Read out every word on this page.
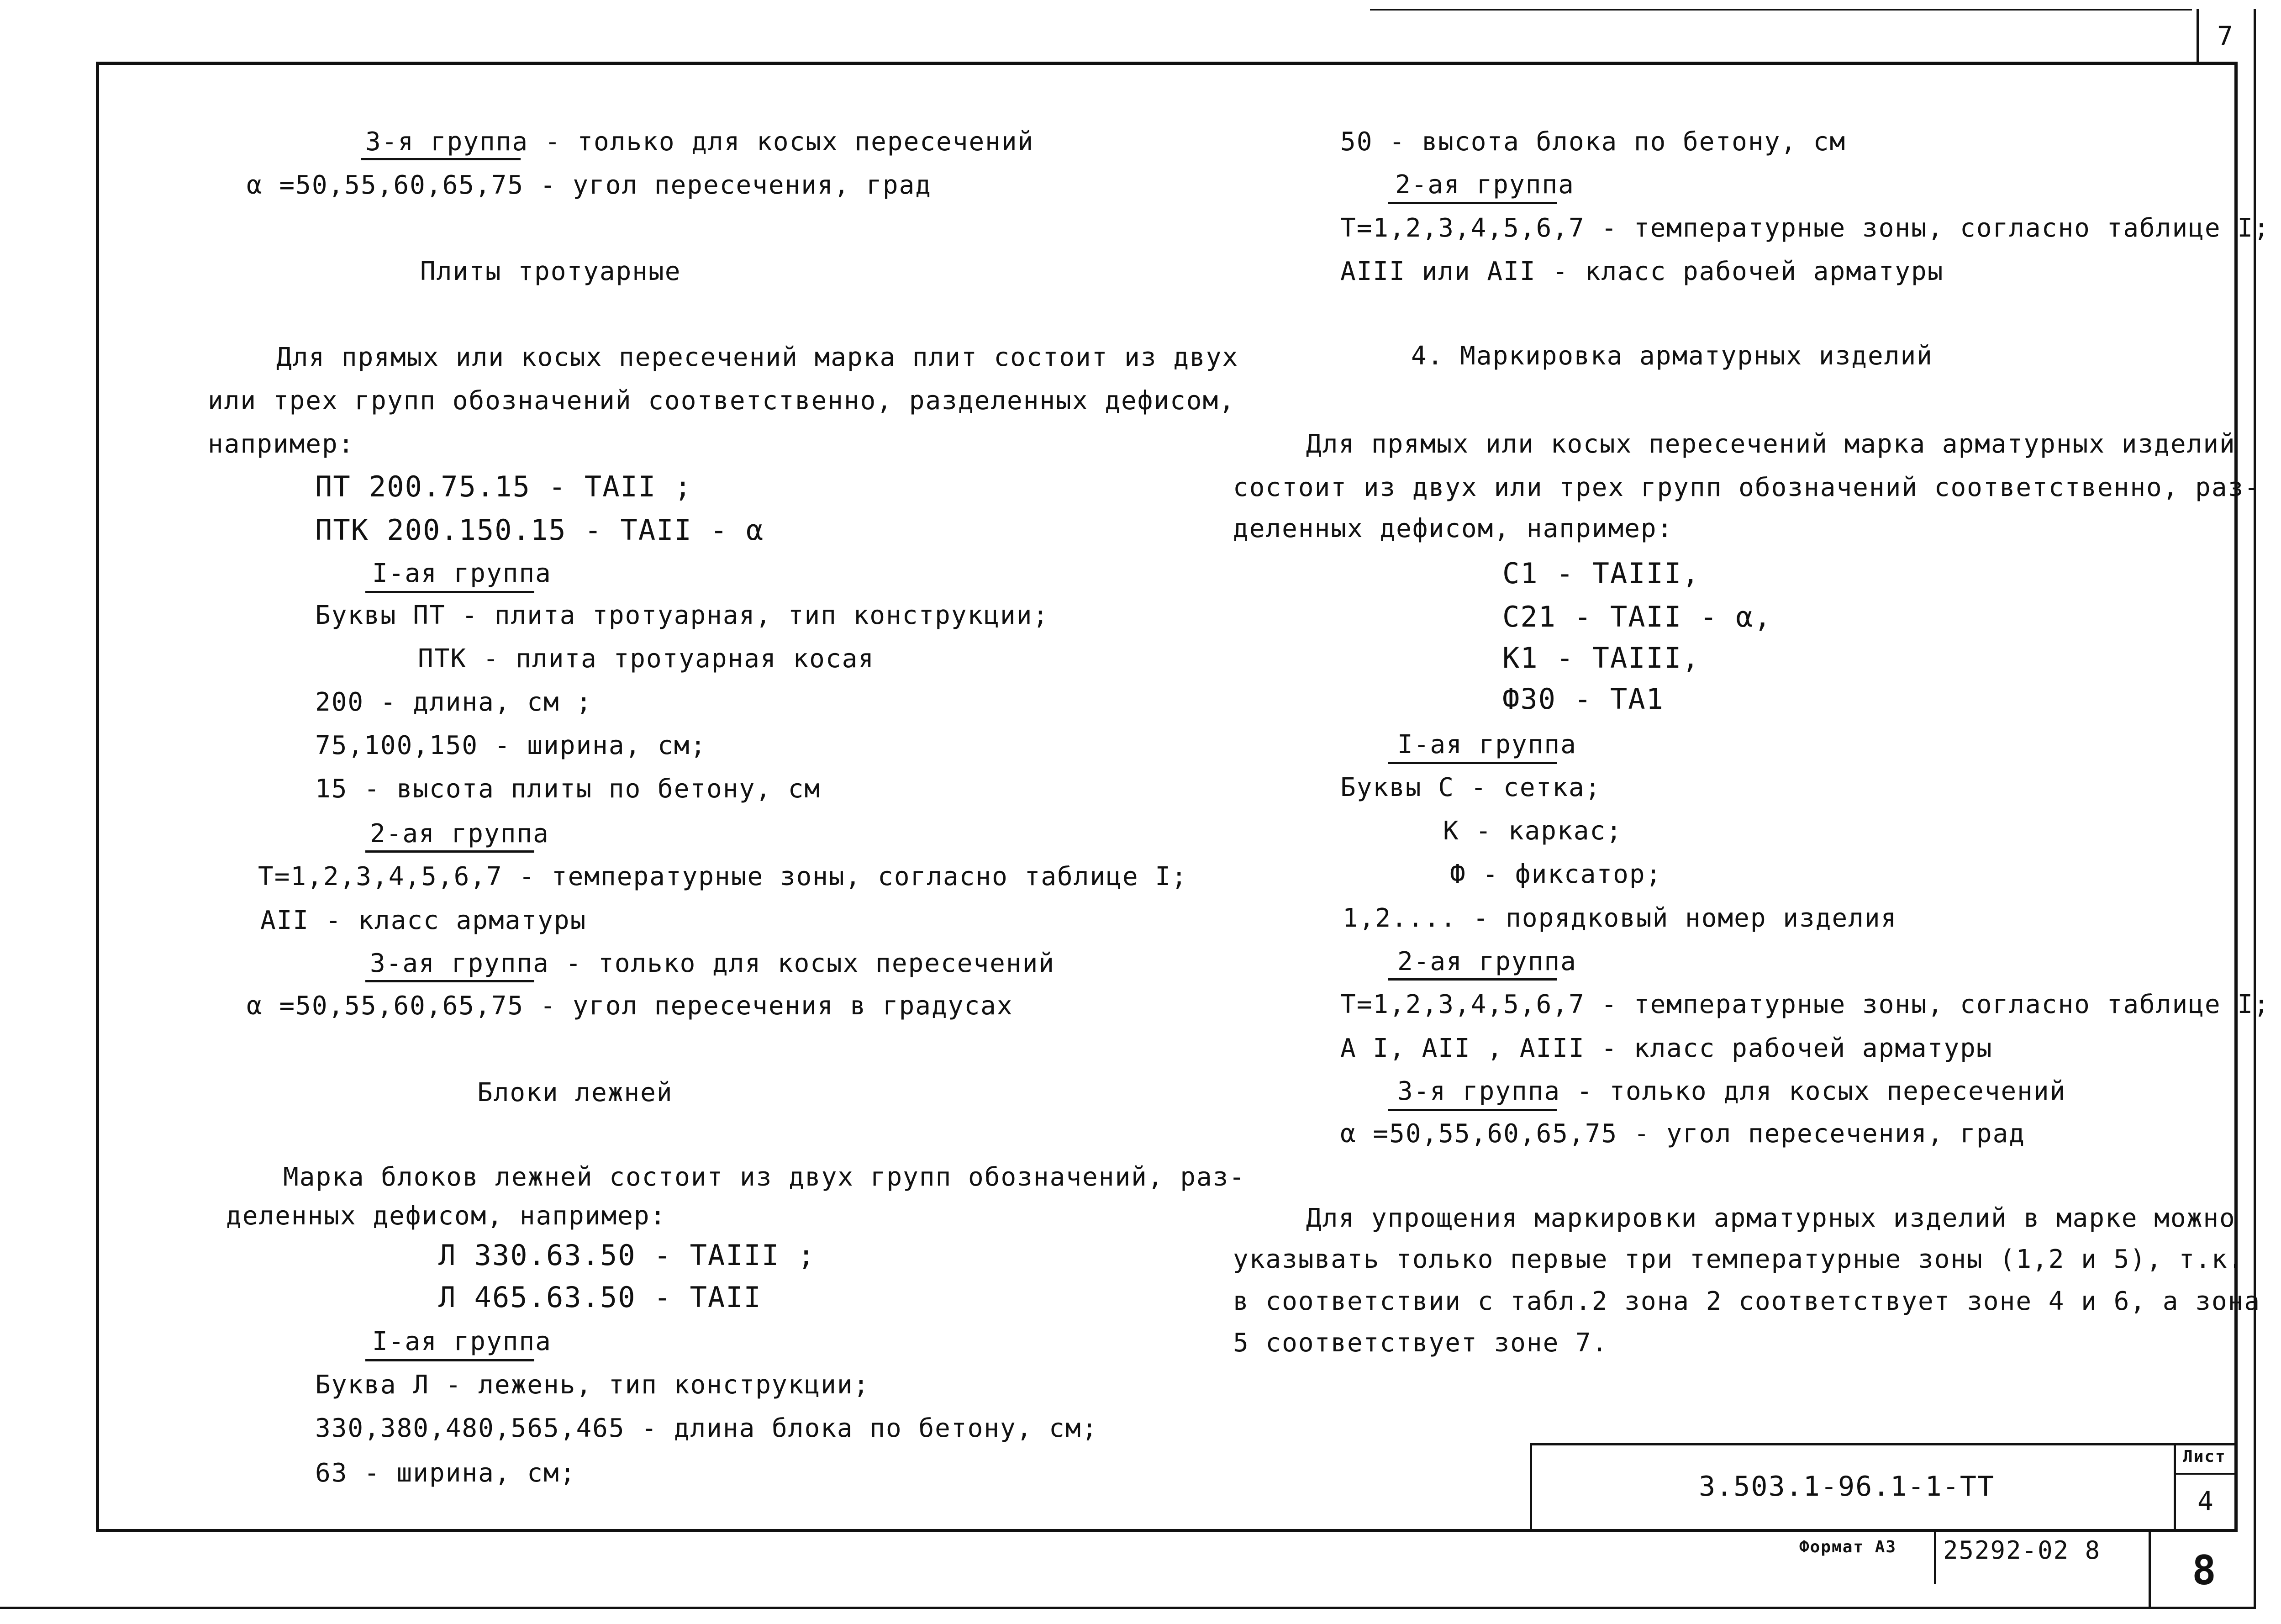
7
3.503.1-96.1-1-ТТ
Лист
4
Формат А3 25292-02 8 8
3-я группа - только для косых пересечений
α =50,55,60,65,75 - угол пересечения, град
Плиты тротуарные
Для прямых или косых пересечений марка плит состоит из двух
или трех групп обозначений соответственно, разделенных дефисом,
например:
ПТ 200.75.15 - ТАII ;
ПТК 200.150.15 - ТАII - α
I-ая группа
Буквы ПТ - плита тротуарная, тип конструкции;
ПТК - плита тротуарная косая
200 - длина, см ;
75,100,150 - ширина, см;
15 - высота плиты по бетону, см
2-ая группа
Т=1,2,3,4,5,6,7 - температурные зоны, согласно таблице I;
АII - класс арматуры
3-ая группа - только для косых пересечений
α =50,55,60,65,75 - угол пересечения в градусах
Блоки лежней
Марка блоков лежней состоит из двух групп обозначений, раз-
деленных дефисом, например:
Л 330.63.50 - ТАIII ;
Л 465.63.50 - ТАII
I-ая группа
Буква Л - лежень, тип конструкции;
330,380,480,565,465 - длина блока по бетону, см;
63 - ширина, см;
50 - высота блока по бетону, см
2-ая группа
Т=1,2,3,4,5,6,7 - температурные зоны, согласно таблице I;
АIII или АII - класс рабочей арматуры
4. Маркировка арматурных изделий
Для прямых или косых пересечений марка арматурных изделий
состоит из двух или трех групп обозначений соответственно, раз-
деленных дефисом, например:
С1 - ТАIII,
С21 - ТАII - α,
К1 - ТАIII,
Ф30 - ТА1
I-ая группа
Буквы С - сетка;
К - каркас;
Ф - фиксатор;
1,2.... - порядковый номер изделия
2-ая группа
Т=1,2,3,4,5,6,7 - температурные зоны, согласно таблице I;
А I, АII , АIII - класс рабочей арматуры
3-я группа - только для косых пересечений
α =50,55,60,65,75 - угол пересечения, град
Для упрощения маркировки арматурных изделий в марке можно
указывать только первые три температурные зоны (1,2 и 5), т.к.
в соответствии с табл.2 зона 2 соответствует зоне 4 и 6, а зона
5 соответствует зоне 7.
